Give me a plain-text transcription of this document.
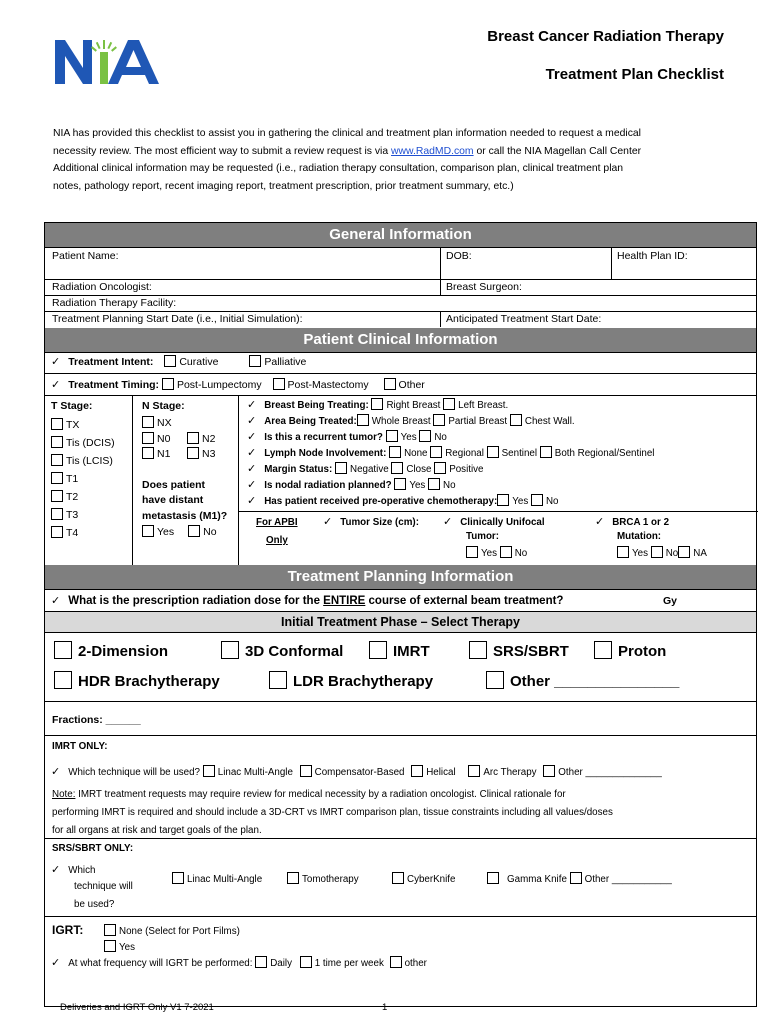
Breast Cancer Radiation Therapy
Treatment Plan Checklist
NIA has provided this checklist to assist you in gathering the clinical and treatment plan information needed to request a medical
necessity review. The most efficient way to submit a review request is via www.RadMD.com or call the NIA Magellan Call Center
Additional clinical information may be requested (i.e., radiation therapy consultation, comparison plan, clinical treatment plan
notes, pathology report, recent imaging report, treatment prescription, prior treatment summary, etc.)
General Information
Patient Name:	DOB:	Health Plan ID:
Radiation Oncologist:	Breast Surgeon:
Radiation Therapy Facility:
Treatment Planning Start Date (i.e., Initial Simulation):	Anticipated Treatment Start Date:
Patient Clinical Information
✓ Treatment Intent: Curative	Palliative
✓ Treatment Timing: Post-Lumpectomy Post-Mastectomy	Other
T Stage:
TX
Tis (DCIS)
Tis (LCIS)
T1
T2
T3
T4
N Stage:
NX
N0	N2
N1	N3
Does patient
have distant
metastasis (M1)?
Yes	No
✓ Breast Being Treating: Right Breast Left Breast.
✓ Area Being Treated: Whole Breast Partial Breast Chest Wall.
✓ Is this a recurrent tumor? Yes No
✓ Lymph Node Involvement: None Regional Sentinel Both Regional/Sentinel
✓ Margin Status: Negative Close Positive
✓ Is nodal radiation planned? Yes No
✓ Has patient received pre-operative chemotherapy: Yes No
For APBI
Only
✓ Tumor Size (cm): ✓ Clinically Unifocal
Tumor:
Yes No
✓ BRCA 1 or 2
Mutation:
Yes No NA
Treatment Planning Information
✓ What is the prescription radiation dose for the ENTIRE course of external beam treatment?	Gy
Initial Treatment Phase – Select Therapy
2-Dimension	3D Conformal	IMRT	SRS/SBRT	Proton
HDR Brachytherapy	LDR Brachytherapy	Other _______________
Fractions: ______
IMRT ONLY:
✓ Which technique will be used? Linac Multi-Angle Compensator-Based Helical	Arc Therapy Other ______________
Note: IMRT treatment requests may require review for medical necessity by a radiation oncologist. Clinical rationale for
performing IMRT is required and should include a 3D-CRT vs IMRT comparison plan, tissue constraints including all values/doses
for all organs at risk and target goals of the plan.
SRS/SBRT ONLY:
✓ Which
technique will
be used?
Linac Multi-Angle	Tomotherapy	CyberKnife	Gamma Knife Other ___________
IGRT:	None (Select for Port Films)
Yes
✓ At what frequency will IGRT be performed: Daily 1 time per week other
Deliveries and IGRT Only V1 7-2021	1
